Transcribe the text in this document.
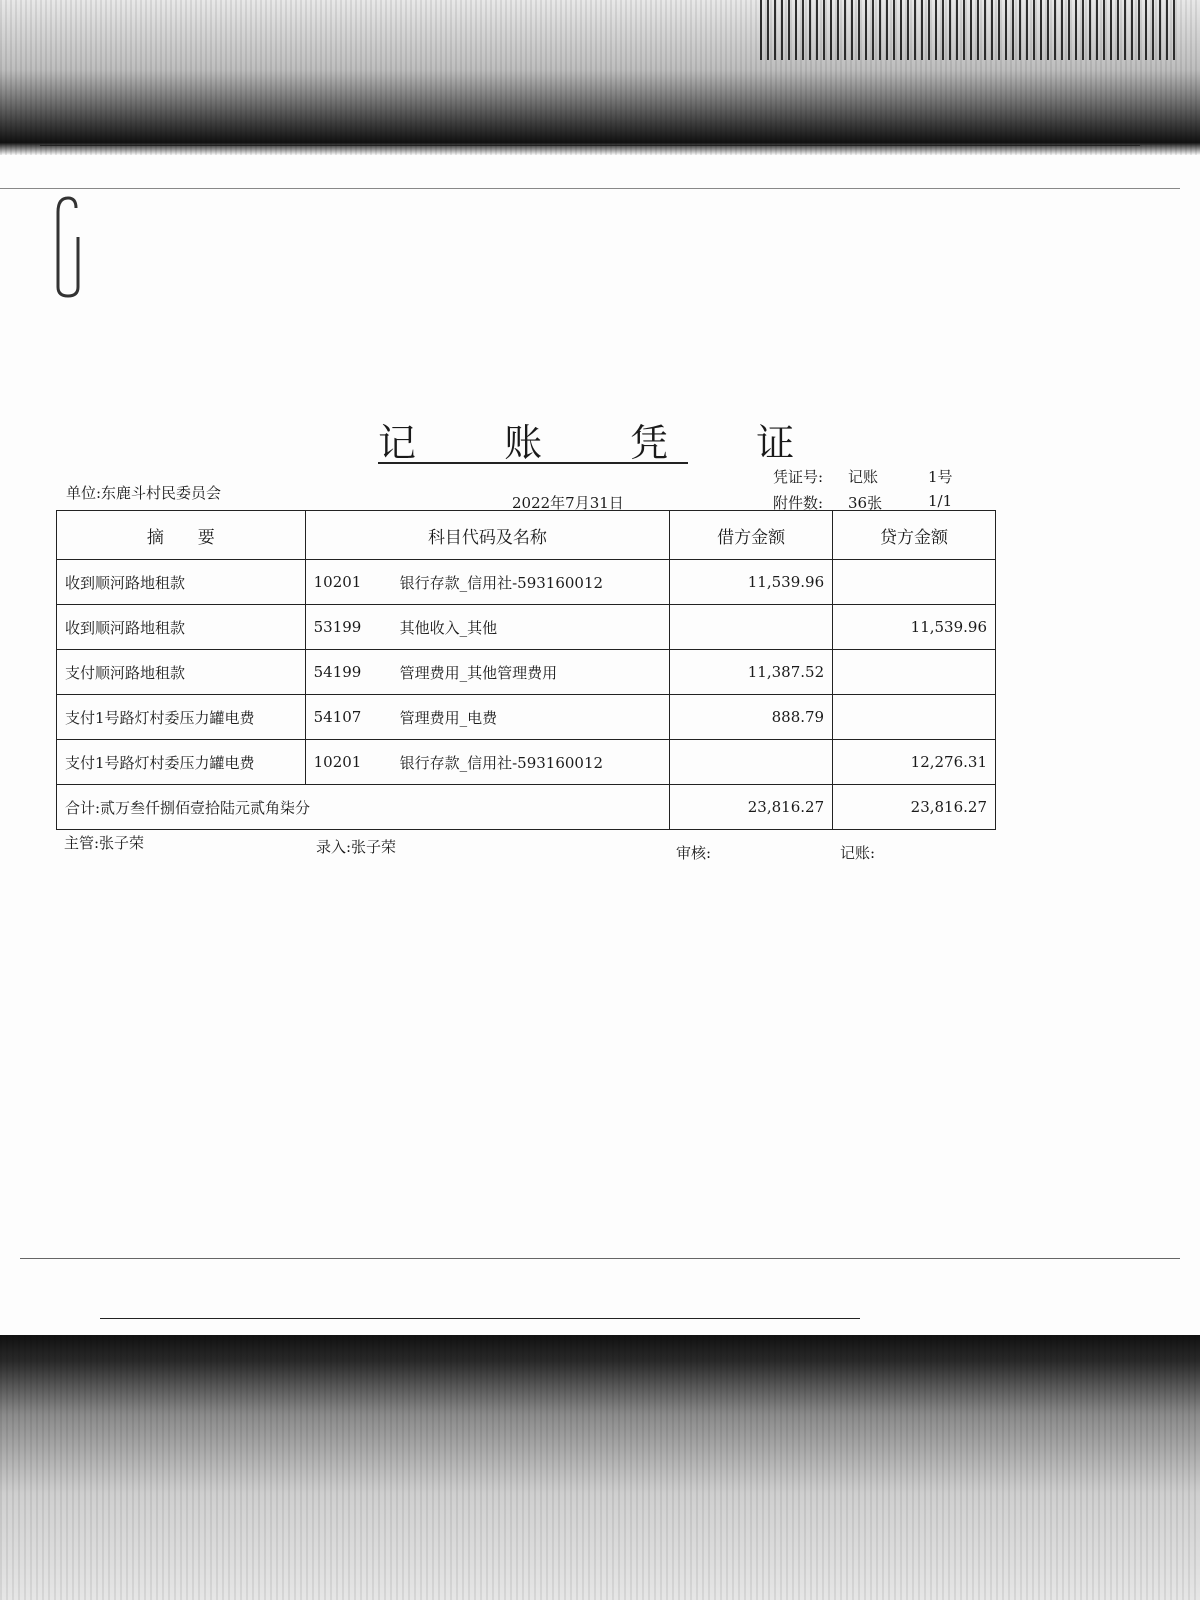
记 账 凭 证
单位:东鹿斗村民委员会
2022年7月31日
凭证号: 记账	1号
附件数: 36张	1/1
摘　　要	科目代码及名称		借方金额	贷方金额
收到顺河路地租款	10201	银行存款_信用社-593160012	11,539.96	
收到顺河路地租款	53199	其他收入_其他		11,539.96
支付顺河路地租款	54199	管理费用_其他管理费用	11,387.52	
支付1号路灯村委压力罐电费	54107	管理费用_电费	888.79	
支付1号路灯村委压力罐电费	10201	银行存款_信用社-593160012		12,276.31
合计:贰万叁仟捌佰壹拾陆元贰角柒分			23,816.27	23,816.27
主管:张子荣	录入:张子荣	审核:	记账:
